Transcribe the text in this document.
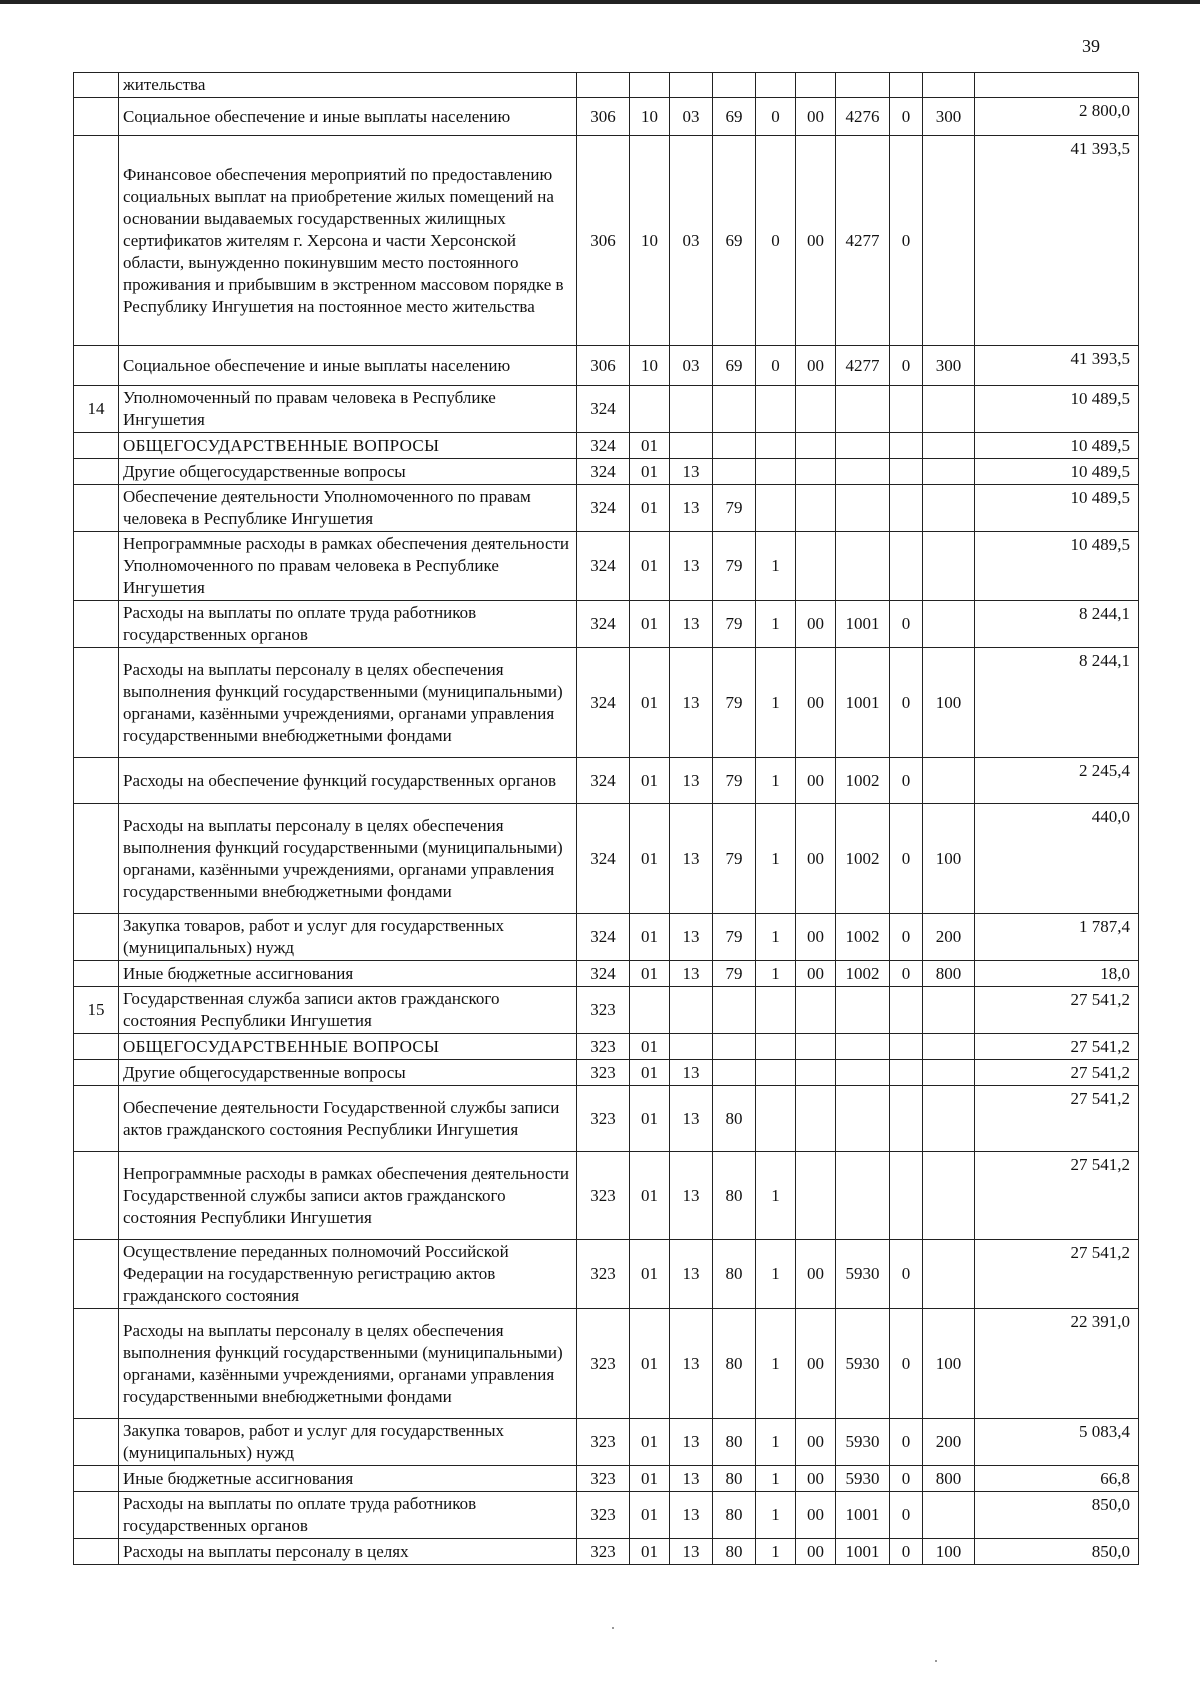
39
	жительства										
	Социальное обеспечение и иные выплаты населению	306	10	03	69	0	00	4276	0	300	2 800,0
	Финансовое обеспечения мероприятий по предоставлению социальных выплат на приобретение жилых помещений на основании выдаваемых государственных жилищных сертификатов жителям г. Херсона и части Херсонской области, вынужденно покинувшим место постоянного проживания и прибывшим в экстренном массовом порядке в Республику Ингушетия на постоянное место жительства	306	10	03	69	0	00	4277	0		41 393,5
	Социальное обеспечение и иные выплаты населению	306	10	03	69	0	00	4277	0	300	41 393,5
14	Уполномоченный по правам человека в Республике Ингушетия	324									10 489,5
	ОБЩЕГОСУДАРСТВЕННЫЕ ВОПРОСЫ	324	01								10 489,5
	Другие общегосударственные вопросы	324	01	13							10 489,5
	Обеспечение деятельности Уполномоченного по правам человека в Республике Ингушетия	324	01	13	79						10 489,5
	Непрограммные расходы в рамках обеспечения деятельности Уполномоченного по правам человека в Республике Ингушетия	324	01	13	79	1					10 489,5
	Расходы на выплаты по оплате труда работников государственных органов	324	01	13	79	1	00	1001	0		8 244,1
	Расходы на выплаты персоналу в целях обеспечения выполнения функций государственными (муниципальными) органами, казёнными учреждениями, органами управления государственными внебюджетными фондами	324	01	13	79	1	00	1001	0	100	8 244,1
	Расходы на обеспечение функций государственных органов	324	01	13	79	1	00	1002	0		2 245,4
	Расходы на выплаты персоналу в целях обеспечения выполнения функций государственными (муниципальными) органами, казёнными учреждениями, органами управления государственными внебюджетными фондами	324	01	13	79	1	00	1002	0	100	440,0
	Закупка товаров, работ и услуг для государственных (муниципальных) нужд	324	01	13	79	1	00	1002	0	200	1 787,4
	Иные бюджетные ассигнования	324	01	13	79	1	00	1002	0	800	18,0
15	Государственная служба записи актов гражданского состояния Республики Ингушетия	323									27 541,2
	ОБЩЕГОСУДАРСТВЕННЫЕ ВОПРОСЫ	323	01								27 541,2
	Другие общегосударственные вопросы	323	01	13							27 541,2
	Обеспечение деятельности Государственной службы записи актов гражданского состояния Республики Ингушетия	323	01	13	80						27 541,2
	Непрограммные расходы в рамках обеспечения деятельности Государственной службы записи актов гражданского состояния Республики Ингушетия	323	01	13	80	1					27 541,2
	Осуществление переданных полномочий Российской Федерации на государственную регистрацию актов гражданского состояния	323	01	13	80	1	00	5930	0		27 541,2
	Расходы на выплаты персоналу в целях обеспечения выполнения функций государственными (муниципальными) органами, казёнными учреждениями, органами управления государственными внебюджетными фондами	323	01	13	80	1	00	5930	0	100	22 391,0
	Закупка товаров, работ и услуг для государственных (муниципальных) нужд	323	01	13	80	1	00	5930	0	200	5 083,4
	Иные бюджетные ассигнования	323	01	13	80	1	00	5930	0	800	66,8
	Расходы на выплаты по оплате труда работников государственных органов	323	01	13	80	1	00	1001	0		850,0
	Расходы на выплаты персоналу в целях	323	01	13	80	1	00	1001	0	100	850,0
